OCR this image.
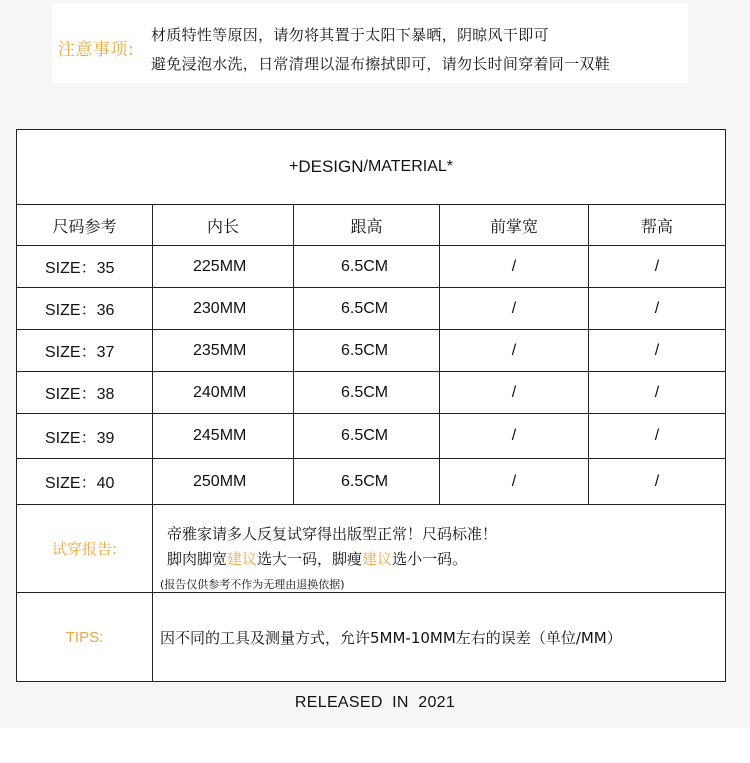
注意事项:
材质特性等原因，请勿将其置于太阳下暴晒，阴晾风干即可
避免浸泡水洗，日常清理以湿布擦拭即可，请勿长时间穿着同一双鞋
+ DESIGN /MATERIAL*
尺码参考	内长	跟高	前掌宽	帮高
SIZE：35	225MM	6.5CM	/	/
SIZE：36	230MM	6.5CM	/	/
SIZE：37	235MM	6.5CM	/	/
SIZE：38	240MM	6.5CM	/	/
SIZE：39	245MM	6.5CM	/	/
SIZE：40	250MM	6.5CM	/	/
试穿报告:
帝雅家请多人反复试穿得出版型正常！尺码标准！
脚肉脚宽建议选大一码，脚瘦建议选小一码。
(报告仅供参考不作为无理由退换依据)
TIPS:	因不同的工具及测量方式，允许5MM-10MM左右的误差（单位/MM）
RELEASED  IN  2021
